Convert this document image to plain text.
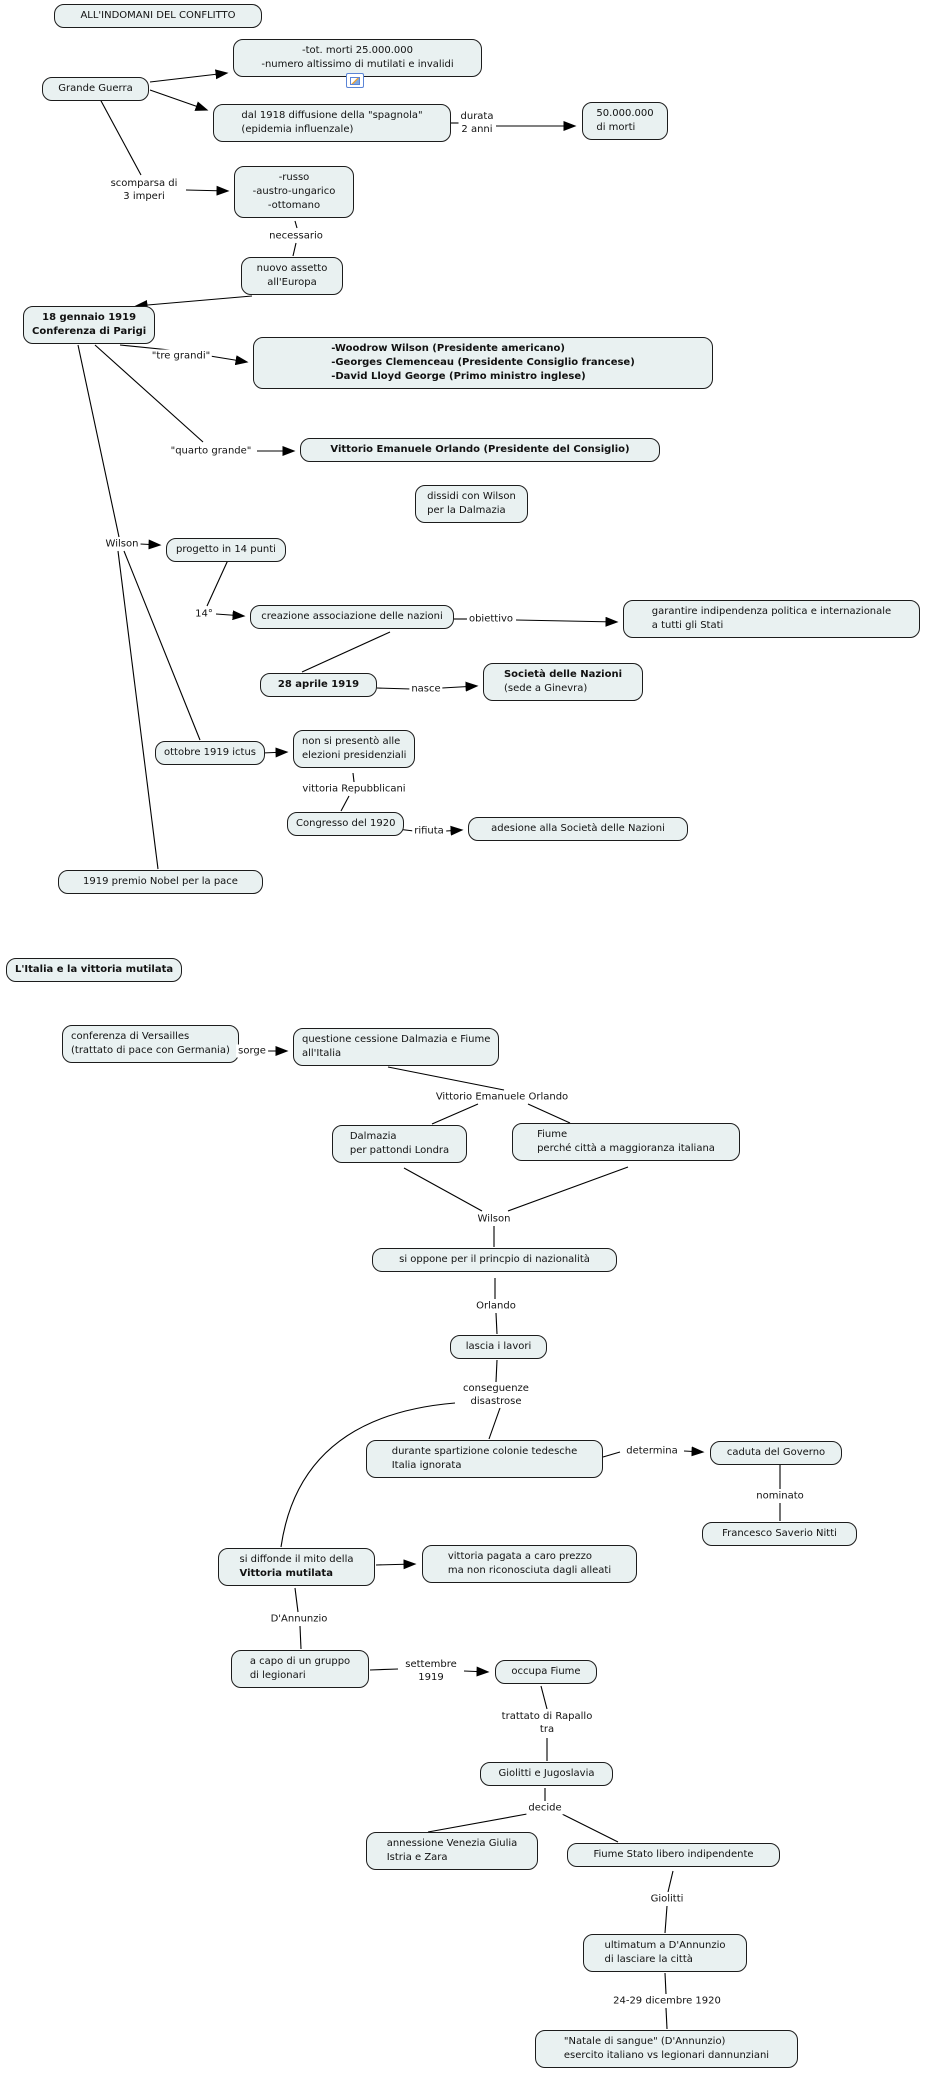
ALL'INDOMANI DEL CONFLITTO
Grande Guerra
-tot. morti 25.000.000
-numero altissimo di mutilati e invalidi
dal 1918 diffusione della "spagnola"
(epidemia influenzale)
50.000.000
di morti
-russo
-austro-ungarico
-ottomano
nuovo assetto
all'Europa
18 gennaio 1919
Conferenza di Parigi
-Woodrow Wilson (Presidente americano)
-Georges Clemenceau (Presidente Consiglio francese)
-David Lloyd George (Primo ministro inglese)
Vittorio Emanuele Orlando (Presidente del Consiglio)
dissidi con Wilson
per la Dalmazia
progetto in 14 punti
creazione associazione delle nazioni	garantire indipendenza politica e internazionale
a tutti gli Stati
28 aprile 1919
Società delle Nazioni
(sede a Ginevra)
ottobre 1919 ictus
non si presentò alle
elezioni presidenziali
Congresso del 1920	adesione alla Società delle Nazioni
1919 premio Nobel per la pace
L'Italia e la vittoria mutilata
conferenza di Versailles
(trattato di pace con Germania)
questione cessione Dalmazia e Fiume
all'Italia
Dalmazia
per pattondi Londra
Fiume
perché città a maggioranza italiana
si oppone per il princpio di nazionalità
lascia i lavori
durante spartizione colonie tedesche
Italia ignorata
caduta del Governo
Francesco Saverio Nitti
si diffonde il mito della
Vittoria mutilata
vittoria pagata a caro prezzo
ma non riconosciuta dagli alleati
a capo di un gruppo
di legionari	occupa Fiume
Giolitti e Jugoslavia
annessione Venezia Giulia
Istria e Zara	Fiume Stato libero indipendente
ultimatum a D'Annunzio
di lasciare la città
"Natale di sangue" (D'Annunzio)
esercito italiano vs legionari dannunziani
durata
2 anni
scomparsa di
3 imperi
necessario
"tre grandi"
"quarto grande"
Wilson
14°	obiettivo
nasce
vittoria Repubblicani
rifiuta
sorge
Vittorio Emanuele Orlando
Wilson
Orlando
conseguenze
disastrose
determina
nominato
D'Annunzio
settembre
1919
trattato di Rapallo
tra
decide
Giolitti
24-29 dicembre 1920
